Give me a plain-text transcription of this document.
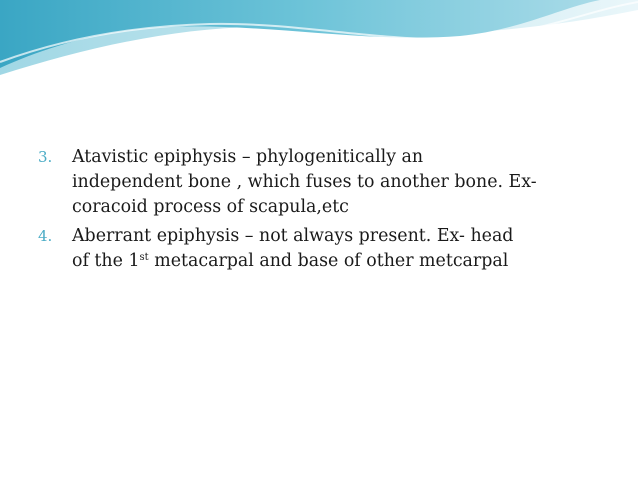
3. Atavistic epiphysis – phylogenitically an
independent bone , which fuses to another bone. Ex-
coracoid process of scapula,etc
4. Aberrant epiphysis – not always present. Ex- head
of the 1st metacarpal and base of other metcarpal
